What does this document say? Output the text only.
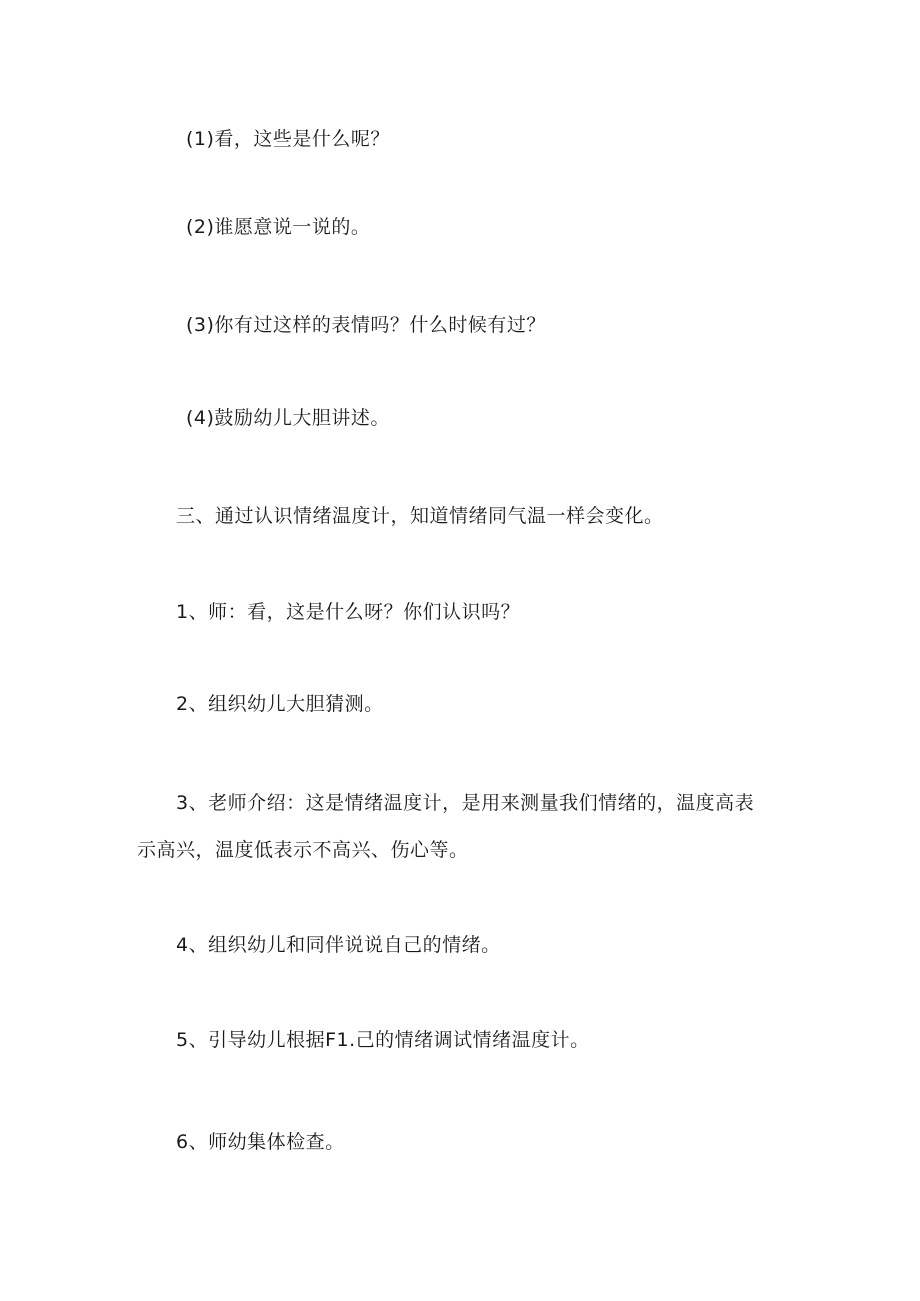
(1)看，这些是什么呢？
(2)谁愿意说一说的。
(3)你有过这样的表情吗？什么时候有过？
(4)鼓励幼儿大胆讲述。
三、通过认识情绪温度计，知道情绪同气温一样会变化。
1、师：看，这是什么呀？你们认识吗？
2、组织幼儿大胆猜测。
3、老师介绍：这是情绪温度计，是用来测量我们情绪的，温度高表
示高兴，温度低表示不高兴、伤心等。
4、组织幼儿和同伴说说自己的情绪。
5、引导幼儿根据F1.己的情绪调试情绪温度计。
6、师幼集体检查。
